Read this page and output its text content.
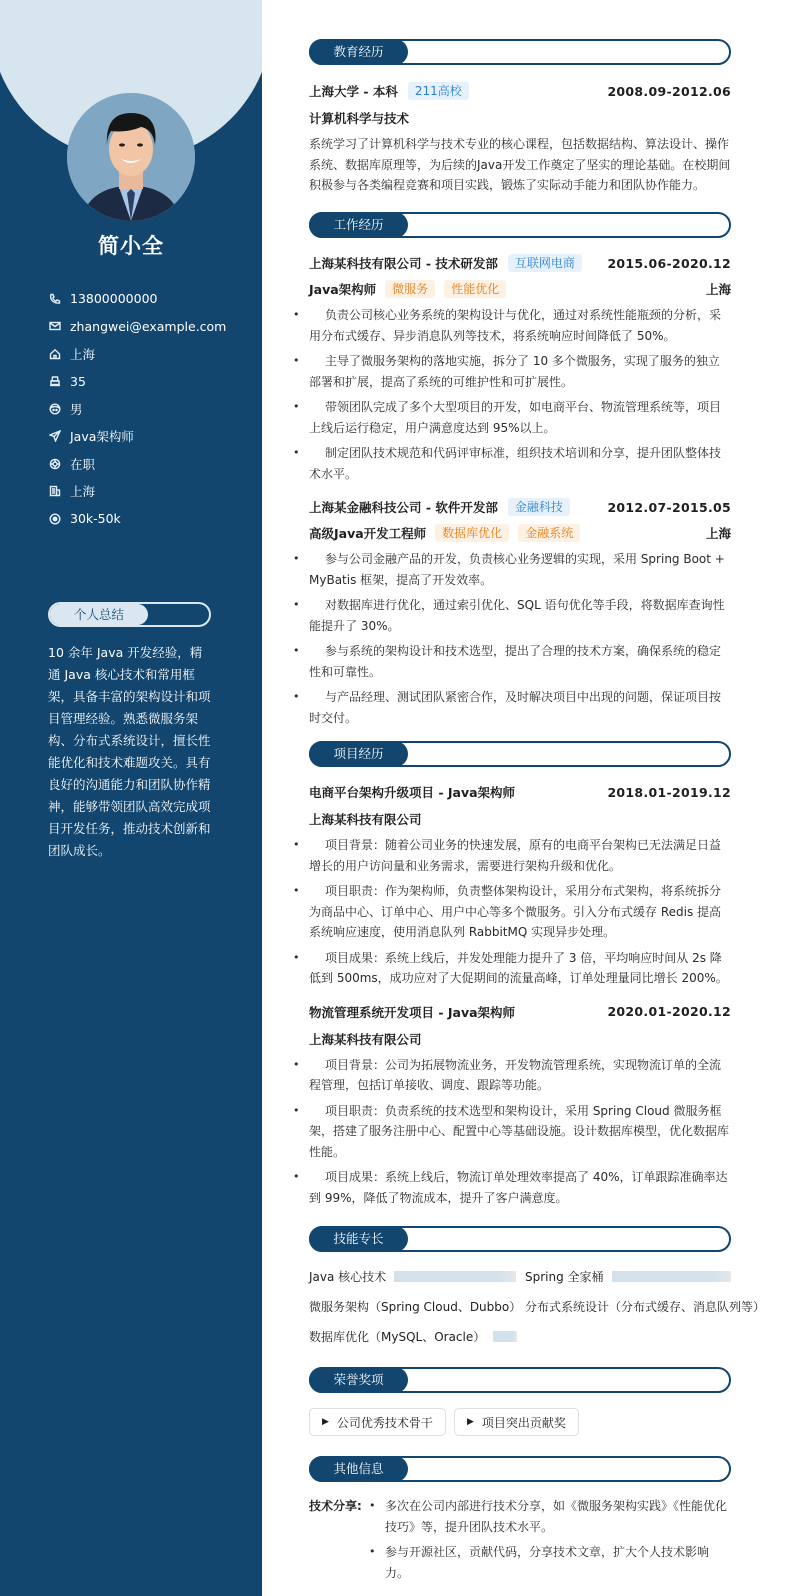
简小全
13800000000
zhangwei@example.com
上海
35
男
Java架构师
在职
上海
30k-50k
个人总结
10 余年 Java 开发经验，精通 Java 核心技术和常用框架，具备丰富的架构设计和项目管理经验。熟悉微服务架构、分布式系统设计，擅长性能优化和技术难题攻关。具有良好的沟通能力和团队协作精神，能够带领团队高效完成项目开发任务，推动技术创新和团队成长。
教育经历
上海大学 - 本科	211高校	2008.09-2012.06
计算机科学与技术

系统学习了计算机科学与技术专业的核心课程，包括数据结构、算法设计、操作系统、数据库原理等，为后续的Java开发工作奠定了坚实的理论基础。在校期间积极参与各类编程竞赛和项目实践，锻炼了实际动手能力和团队协作能力。

工作经历
上海某科技有限公司 - 技术研发部	互联网电商	2015.06-2020.12
Java架构师	微服务	性能优化	上海
• 负责公司核心业务系统的架构设计与优化，通过对系统性能瓶颈的分析，采用分布式缓存、异步消息队列等技术，将系统响应时间降低了 50%。
• 主导了微服务架构的落地实施，拆分了 10 多个微服务，实现了服务的独立部署和扩展，提高了系统的可维护性和可扩展性。
• 带领团队完成了多个大型项目的开发，如电商平台、物流管理系统等，项目上线后运行稳定，用户满意度达到 95%以上。
• 制定团队技术规范和代码评审标准，组织技术培训和分享，提升团队整体技术水平。
上海某金融科技公司 - 软件开发部	金融科技	2012.07-2015.05
高级Java开发工程师	数据库优化	金融系统	上海
• 参与公司金融产品的开发，负责核心业务逻辑的实现，采用 Spring Boot + MyBatis 框架，提高了开发效率。
• 对数据库进行优化，通过索引优化、SQL 语句优化等手段，将数据库查询性能提升了 30%。
• 参与系统的架构设计和技术选型，提出了合理的技术方案，确保系统的稳定性和可靠性。
• 与产品经理、测试团队紧密合作，及时解决项目中出现的问题，保证项目按时交付。
项目经历
电商平台架构升级项目 - Java架构师	2018.01-2019.12
上海某科技有限公司
• 项目背景：随着公司业务的快速发展，原有的电商平台架构已无法满足日益增长的用户访问量和业务需求，需要进行架构升级和优化。
• 项目职责：作为架构师，负责整体架构设计，采用分布式架构，将系统拆分为商品中心、订单中心、用户中心等多个微服务。引入分布式缓存 Redis 提高系统响应速度，使用消息队列 RabbitMQ 实现异步处理。
• 项目成果：系统上线后，并发处理能力提升了 3 倍，平均响应时间从 2s 降低到 500ms，成功应对了大促期间的流量高峰，订单处理量同比增长 200%。
物流管理系统开发项目 - Java架构师	2020.01-2020.12
上海某科技有限公司
• 项目背景：公司为拓展物流业务，开发物流管理系统，实现物流订单的全流程管理，包括订单接收、调度、跟踪等功能。
• 项目职责：负责系统的技术选型和架构设计，采用 Spring Cloud 微服务框架，搭建了服务注册中心、配置中心等基础设施。设计数据库模型，优化数据库性能。
• 项目成果：系统上线后，物流订单处理效率提高了 40%，订单跟踪准确率达到 99%，降低了物流成本，提升了客户满意度。
技能专长
Java 核心技术	Spring 全家桶
微服务架构（Spring Cloud、Dubbo） 分布式系统设计（分布式缓存、消息队列等）
数据库优化（MySQL、Oracle）
荣誉奖项
▶ 公司优秀技术骨干	▶ 项目突出贡献奖
其他信息
技术分享:	• 多次在公司内部进行技术分享，如《微服务架构实践》《性能优化技巧》等，提升团队技术水平。
• 参与开源社区，贡献代码，分享技术文章，扩大个人技术影响力。
